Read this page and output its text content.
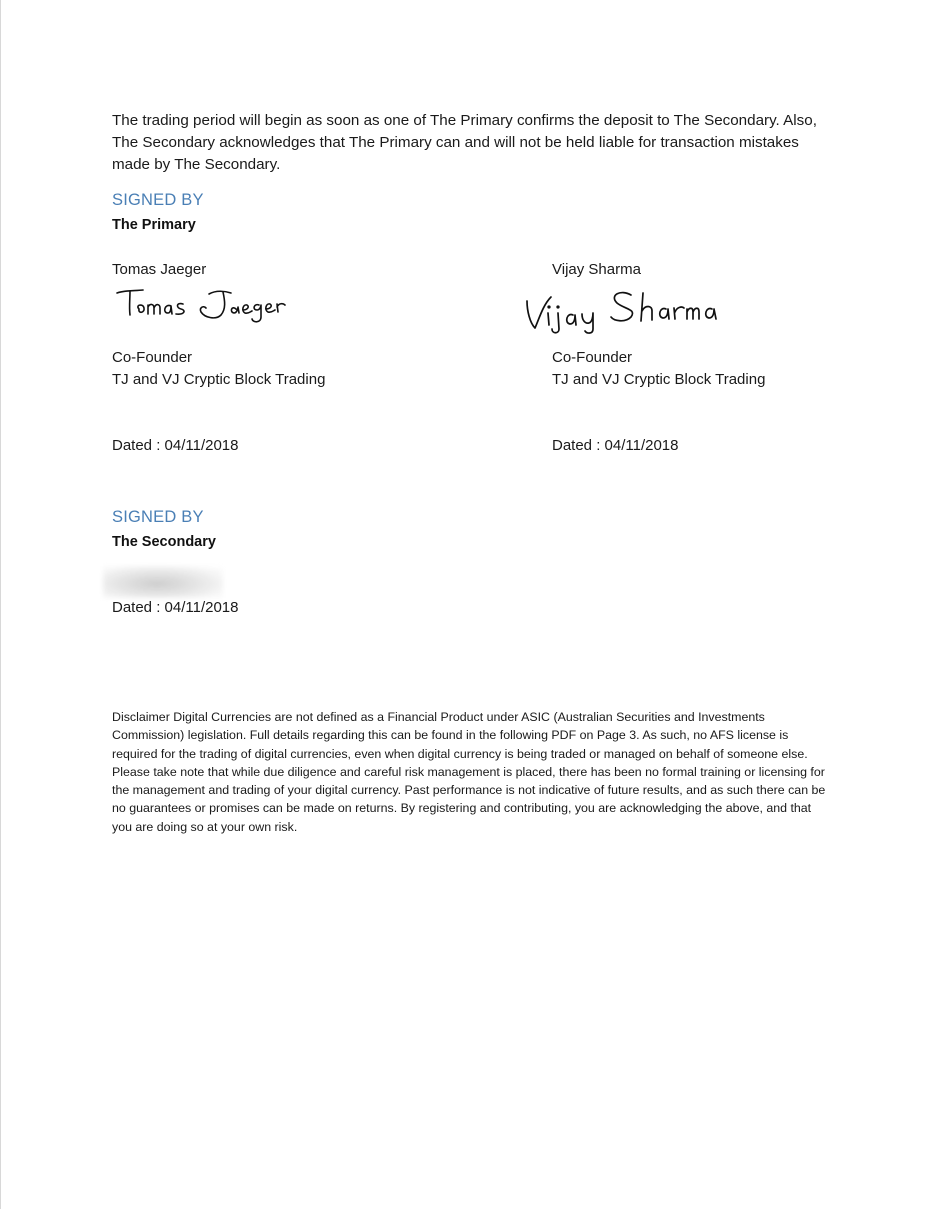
The trading period will begin as soon as one of The Primary confirms the deposit to The Secondary. Also, The Secondary acknowledges that The Primary can and will not be held liable for transaction mistakes made by The Secondary.

SIGNED BY
The Primary
Tomas Jaeger
Co-Founder
TJ and VJ Cryptic Block Trading
Dated : 04/11/2018
Vijay Sharma
Co-Founder
TJ and VJ Cryptic Block Trading
Dated : 04/11/2018
SIGNED BY
The Secondary
Dated : 04/11/2018

Disclaimer Digital Currencies are not defined as a Financial Product under ASIC (Australian Securities and Investments Commission) legislation. Full details regarding this can be found in the following PDF on Page 3. As such, no AFS license is required for the trading of digital currencies, even when digital currency is being traded or managed on behalf of someone else. Please take note that while due diligence and careful risk management is placed, there has been no formal training or licensing for the management and trading of your digital currency. Past performance is not indicative of future results, and as such there can be no guarantees or promises can be made on returns. By registering and contributing, you are acknowledging the above, and that you are doing so at your own risk.
